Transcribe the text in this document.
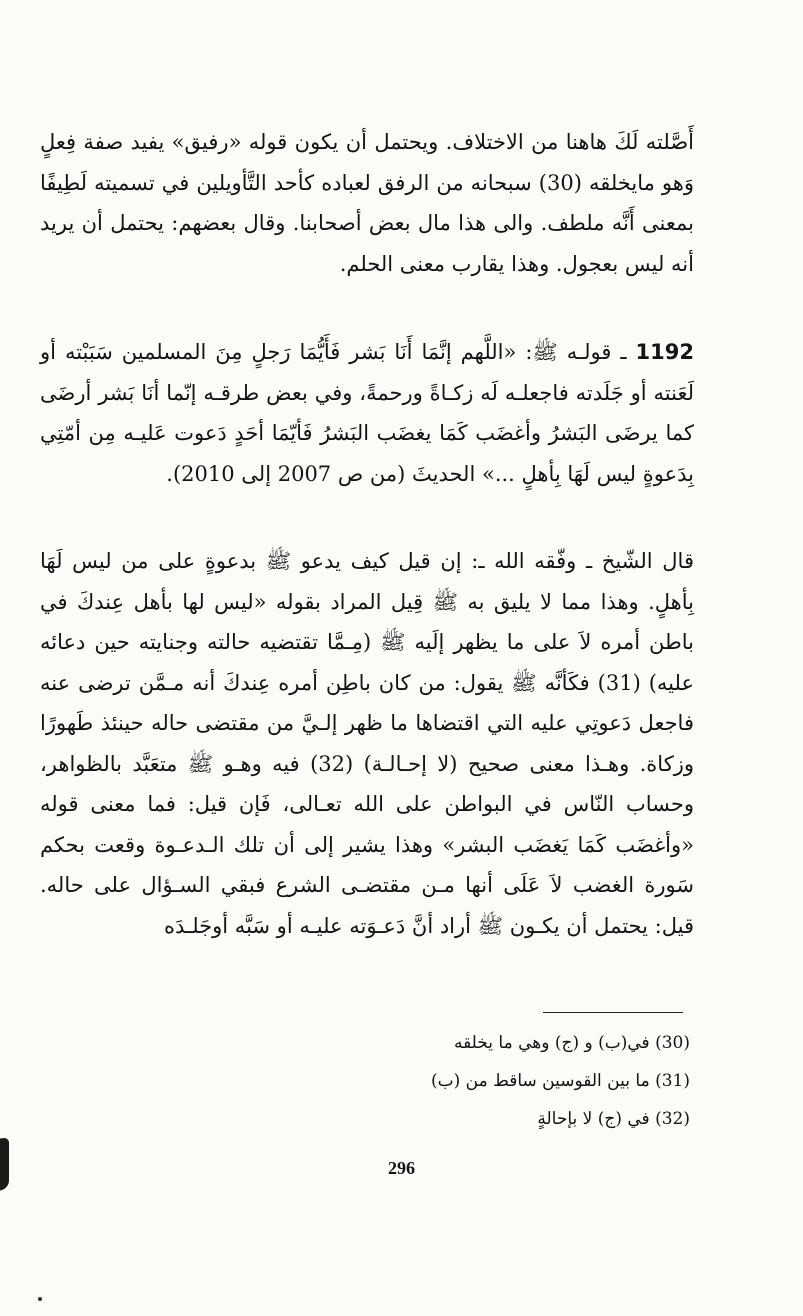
أَصَّلته لَكَ هاهنا من الاختلاف. ويحتمل أن يكون قوله «رفيق» يفيد صفة فِعلٍ وَهو مايخلقه (30) سبحانه من الرفق لعباده كأحد التَّأويلين في تسميته لَطِيفًا بمعنى أَنَّه ملطف. والى هذا مال بعض أصحابنا. وقال بعضهم: يحتمل أن يريد أنه ليس بعجول. وهذا يقارب معنى الحلم.

1192 ـ قولـه ﷺ: «اللَّهم إنَّمَا أَنَا بَشر فَأَيُّمَا رَجلٍ مِنَ المسلمين سَبَبْته أو لَعَنته أو جَلَدته فاجعلـه لَه زكـاةً ورحمةً، وفي بعض طرقـه إنّما أنَا بَشر أرضَى كما يرضَى البَشرُ وأغضَب كَمَا يغضَب البَشرُ فَأيّمَا أحَدٍ دَعوت عَليـه مِن أمّتِي بِدَعوةٍ ليس لَهَا بِأهلٍ ...» الحديثَ (من ص 2007 إلى 2010).

قال الشّيخ ـ وفّقه الله ـ: إن قيل كيف يدعو ﷺ بدعوةٍ على من ليس لَهَا بِأهلٍ. وهذا مما لا يليق به ﷺ قِيل المراد بقوله «ليس لها بأهل عِندكَ في باطن أمره لاَ على ما يظهر إلَيه ﷺ (مِـمَّا تقتضيه حالته وجنايته حين دعائه عليه) (31) فكَأنَّه ﷺ يقول: من كان باطِن أمره عِندكَ أنه مـمَّن ترضى عنه فاجعل دَعوتِي عليه التي اقتضاها ما ظهر إلـيَّ من مقتضى حاله حينئذ طَهورًا وزكاة. وهـذا معنى صحيح (لا إحـالـة) (32) فيه وهـو ﷺ متعَبَّد بالظواهر، وحساب النّاس في البواطن على الله تعـالى، فَإن قيل: فما معنى قوله «وأغضَب كَمَا يَغضَب البشر» وهذا يشير إلى أن تلك الـدعـوة وقعت بحكم سَورة الغضب لاَ عَلَى أنها مـن مقتضـى الشرع فبقي السـؤال على حاله. قيل: يحتمل أن يكـون ﷺ أراد أنَّ دَعـوَته عليـه أو سَبَّه أوجَلـدَه

(30) في(ب) و (ج) وهي ما يخلقه
(31) ما بين القوسين ساقط من (ب)
(32) في (ج) لا بإحالةٍ
296
